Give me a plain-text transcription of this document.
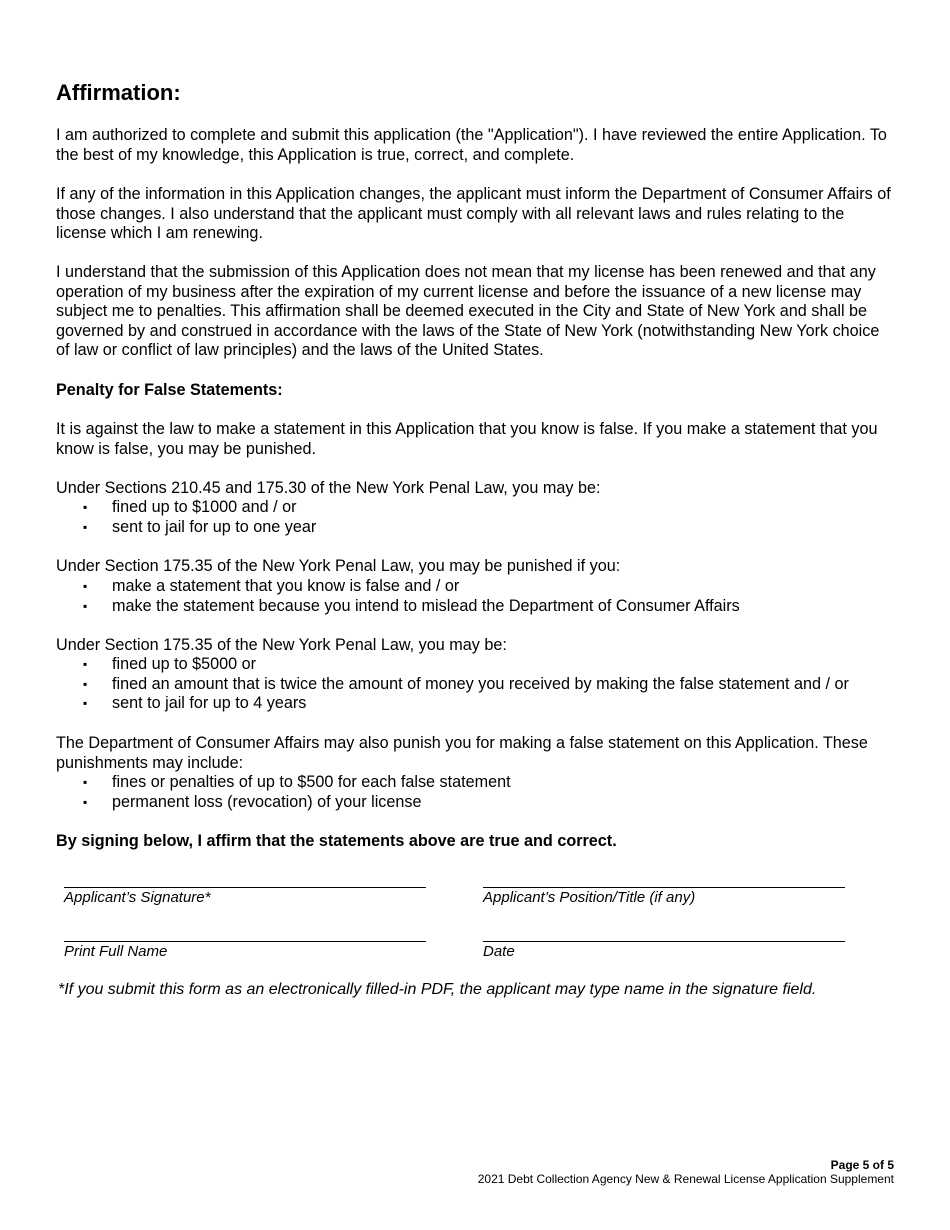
Affirmation:

I am authorized to complete and submit this application (the "Application"). I have reviewed the entire Application. To the best of my knowledge, this Application is true, correct, and complete.

If any of the information in this Application changes, the applicant must inform the Department of Consumer Affairs of those changes. I also understand that the applicant must comply with all relevant laws and rules relating to the license which I am renewing.

I understand that the submission of this Application does not mean that my license has been renewed and that any operation of my business after the expiration of my current license and before the issuance of a new license may subject me to penalties. This affirmation shall be deemed executed in the City and State of New York and shall be governed by and construed in accordance with the laws of the State of New York (notwithstanding New York choice of law or conflict of law principles) and the laws of the United States.

Penalty for False Statements:

It is against the law to make a statement in this Application that you know is false. If you make a statement that you know is false, you may be punished.

Under Sections 210.45 and 175.30 of the New York Penal Law, you may be:

▪ fined up to $1000 and / or
▪ sent to jail for up to one year

Under Section 175.35 of the New York Penal Law, you may be punished if you:

▪ make a statement that you know is false and / or
▪ make the statement because you intend to mislead the Department of Consumer Affairs

Under Section 175.35 of the New York Penal Law, you may be:

▪ fined up to $5000 or
▪ fined an amount that is twice the amount of money you received by making the false statement and / or
▪ sent to jail for up to 4 years

The Department of Consumer Affairs may also punish you for making a false statement on this Application. These punishments may include:

▪ fines or penalties of up to $500 for each false statement
▪ permanent loss (revocation) of your license

By signing below, I affirm that the statements above are true and correct.

Applicant’s Signature*	Applicant’s Position/Title (if any)
Print Full Name	Date
*If you submit this form as an electronically filled-in PDF, the applicant may type name in the signature field.
Page 5 of 5
2021 Debt Collection Agency New & Renewal License Application Supplement
